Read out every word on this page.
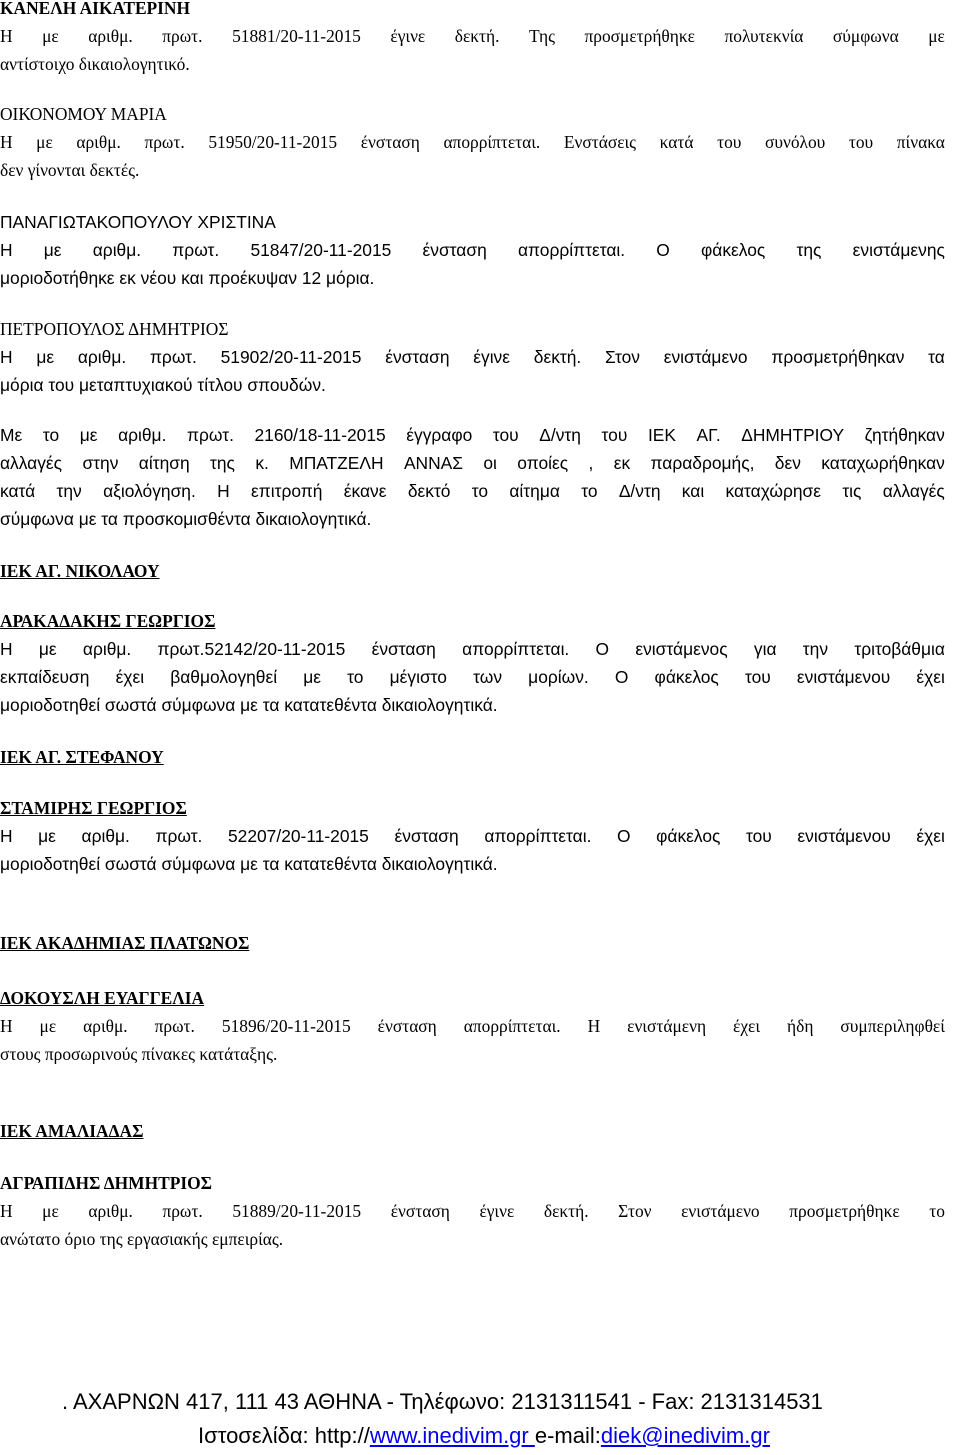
ΚΑΝΕΛΗ ΑΙΚΑΤΕΡΙΝΗ
Η με αριθμ. πρωτ. 51881/20-11-2015 έγινε δεκτή. Της προσμετρήθηκε πολυτεκνία σύμφωνα με
αντίστοιχο δικαιολογητικό.
ΟΙΚΟΝΟΜΟΥ ΜΑΡΙΑ
Η με αριθμ. πρωτ. 51950/20-11-2015 ένσταση απορρίπτεται. Ενστάσεις κατά του συνόλου του πίνακα
δεν γίνονται δεκτές.
ΠΑΝΑΓΙΩΤΑΚΟΠΟΥΛΟΥ ΧΡΙΣΤΙΝΑ
Η με αριθμ. πρωτ. 51847/20-11-2015 ένσταση απορρίπτεται. Ο φάκελος της ενιστάμενης
μοριοδοτήθηκε εκ νέου και προέκυψαν 12 μόρια.
ΠΕΤΡΟΠΟΥΛΟΣ ΔΗΜΗΤΡΙΟΣ
Η με αριθμ. πρωτ. 51902/20-11-2015 ένσταση έγινε δεκτή. Στον ενιστάμενο προσμετρήθηκαν τα
μόρια του μεταπτυχιακού τίτλου σπουδών.
Με το με αριθμ. πρωτ. 2160/18-11-2015 έγγραφο του Δ/ντη του ΙΕΚ ΑΓ. ΔΗΜΗΤΡΙΟΥ ζητήθηκαν
αλλαγές στην αίτηση της κ. ΜΠΑΤΖΕΛΗ ΑΝΝΑΣ οι οποίες , εκ παραδρομής, δεν καταχωρήθηκαν
κατά την αξιολόγηση. Η επιτροπή έκανε δεκτό το αίτημα το Δ/ντη και καταχώρησε τις αλλαγές
σύμφωνα με τα προσκομισθέντα δικαιολογητικά.
ΙΕΚ ΑΓ. ΝΙΚΟΛΑΟΥ
ΑΡΑΚΑΔΑΚΗΣ ΓΕΩΡΓΙΟΣ
Η με αριθμ. πρωτ.52142/20-11-2015 ένσταση απορρίπτεται. Ο ενιστάμενος για την τριτοβάθμια
εκπαίδευση έχει βαθμολογηθεί με το μέγιστο των μορίων. Ο φάκελος του ενιστάμενου έχει
μοριοδοτηθεί σωστά σύμφωνα με τα κατατεθέντα δικαιολογητικά.
ΙΕΚ ΑΓ. ΣΤΕΦΑΝΟΥ
ΣΤΑΜΙΡΗΣ ΓΕΩΡΓΙΟΣ
Η με αριθμ. πρωτ. 52207/20-11-2015 ένσταση απορρίπτεται. Ο φάκελος του ενιστάμενου έχει
μοριοδοτηθεί σωστά σύμφωνα με τα κατατεθέντα δικαιολογητικά.
ΙΕΚ ΑΚΑΔΗΜΙΑΣ ΠΛΑΤΩΝΟΣ
ΔΟΚΟΥΣΛΗ ΕΥΑΓΓΕΛΙΑ
Η με αριθμ. πρωτ. 51896/20-11-2015 ένσταση απορρίπτεται. Η ενιστάμενη έχει ήδη συμπεριληφθεί
στους προσωρινούς πίνακες κατάταξης.
ΙΕΚ ΑΜΑΛΙΑΔΑΣ
ΑΓΡΑΠΙΔΗΣ ΔΗΜΗΤΡΙΟΣ
Η με αριθμ. πρωτ. 51889/20-11-2015 ένσταση έγινε δεκτή. Στον ενιστάμενο προσμετρήθηκε το
ανώτατο όριο της εργασιακής εμπειρίας.
. ΑΧΑΡΝΩΝ 417, 111 43 ΑΘΗΝΑ - Τηλέφωνο: 2131311541 - Fax: 2131314531
Ιστοσελίδα: http://www.inedivim.gr e-mail:diek@inedivim.gr
